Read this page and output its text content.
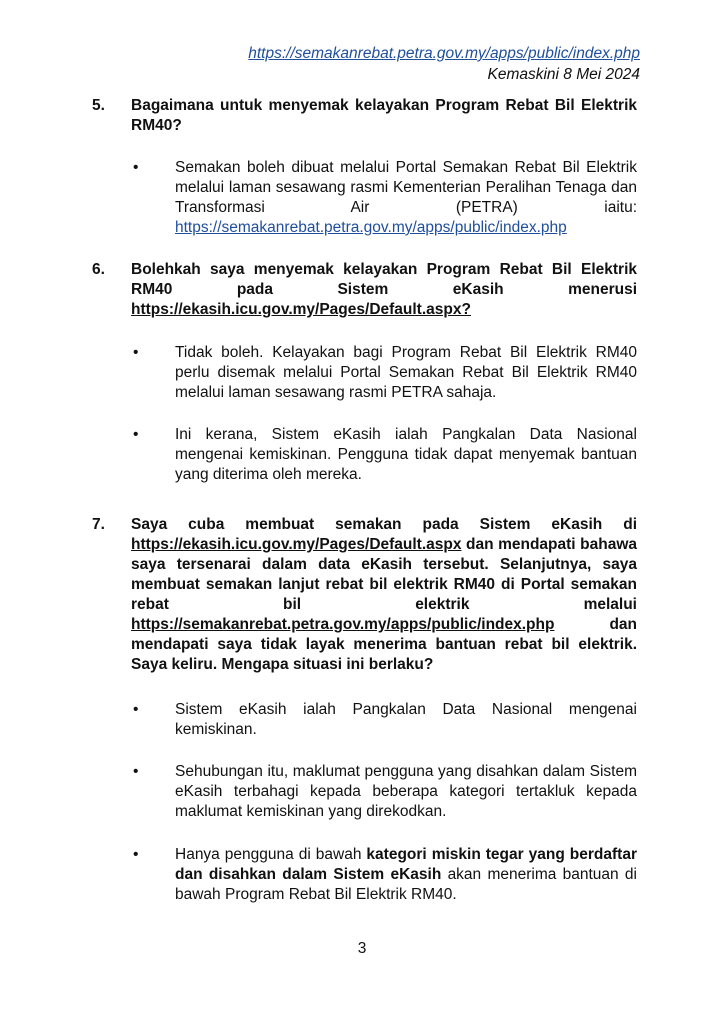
https://semakanrebat.petra.gov.my/apps/public/index.php
Kemaskini 8 Mei 2024
5. Bagaimana untuk menyemak kelayakan Program Rebat Bil Elektrik RM40?
• Semakan boleh dibuat melalui Portal Semakan Rebat Bil Elektrik melalui laman sesawang rasmi Kementerian Peralihan Tenaga dan Transformasi Air (PETRA) iaitu: https://semakanrebat.petra.gov.my/apps/public/index.php
6. Bolehkah saya menyemak kelayakan Program Rebat Bil Elektrik RM40 pada Sistem eKasih menerusi https://ekasih.icu.gov.my/Pages/Default.aspx?
• Tidak boleh. Kelayakan bagi Program Rebat Bil Elektrik RM40 perlu disemak melalui Portal Semakan Rebat Bil Elektrik RM40 melalui laman sesawang rasmi PETRA sahaja.
• Ini kerana, Sistem eKasih ialah Pangkalan Data Nasional mengenai kemiskinan. Pengguna tidak dapat menyemak bantuan yang diterima oleh mereka.
7. Saya cuba membuat semakan pada Sistem eKasih di https://ekasih.icu.gov.my/Pages/Default.aspx dan mendapati bahawa saya tersenarai dalam data eKasih tersebut. Selanjutnya, saya membuat semakan lanjut rebat bil elektrik RM40 di Portal semakan rebat bil elektrik melalui https://semakanrebat.petra.gov.my/apps/public/index.php	dan mendapati saya tidak layak menerima bantuan rebat bil elektrik. Saya keliru. Mengapa situasi ini berlaku?
• Sistem eKasih ialah Pangkalan Data Nasional mengenai kemiskinan.
• Sehubungan itu, maklumat pengguna yang disahkan dalam Sistem eKasih terbahagi kepada beberapa kategori tertakluk kepada maklumat kemiskinan yang direkodkan.
• Hanya pengguna di bawah kategori miskin tegar yang berdaftar dan disahkan dalam Sistem eKasih akan menerima bantuan di bawah Program Rebat Bil Elektrik RM40.
3
